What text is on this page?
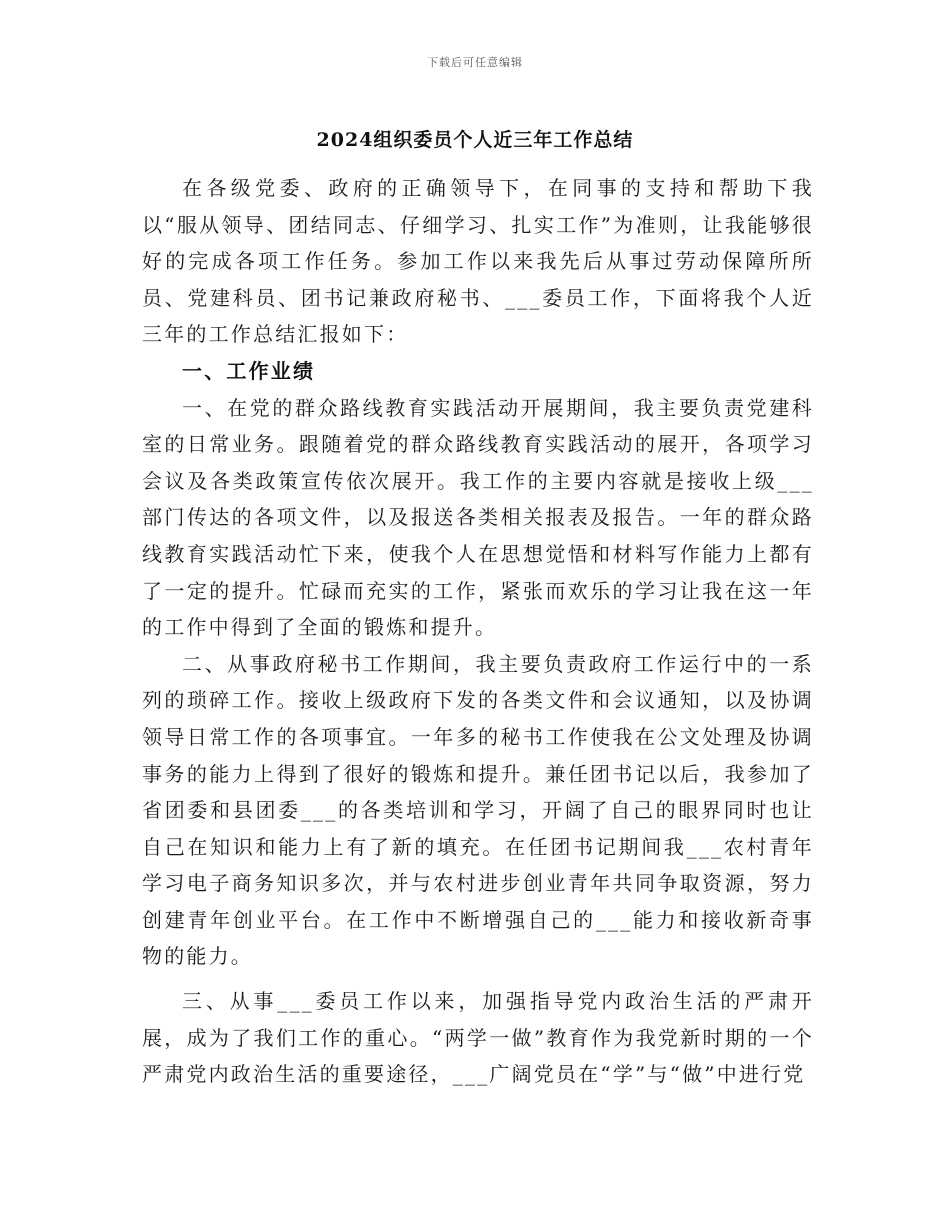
下载后可任意编辑
2024组织委员个人近三年工作总结

在各级党委、政府的正确领导下，在同事的支持和帮助下我以“服从领导、团结同志、仔细学习、扎实工作”为准则，让我能够很好的完成各项工作任务。参加工作以来我先后从事过劳动保障所所员、党建科员、团书记兼政府秘书、___委员工作，下面将我个人近三年的工作总结汇报如下：

一、工作业绩

一、在党的群众路线教育实践活动开展期间，我主要负责党建科室的日常业务。跟随着党的群众路线教育实践活动的展开，各项学习会议及各类政策宣传依次展开。我工作的主要内容就是接收上级___部门传达的各项文件，以及报送各类相关报表及报告。一年的群众路线教育实践活动忙下来，使我个人在思想觉悟和材料写作能力上都有了一定的提升。忙碌而充实的工作，紧张而欢乐的学习让我在这一年的工作中得到了全面的锻炼和提升。

二、从事政府秘书工作期间，我主要负责政府工作运行中的一系列的琐碎工作。接收上级政府下发的各类文件和会议通知，以及协调领导日常工作的各项事宜。一年多的秘书工作使我在公文处理及协调事务的能力上得到了很好的锻炼和提升。兼任团书记以后，我参加了省团委和县团委___的各类培训和学习，开阔了自己的眼界同时也让自己在知识和能力上有了新的填充。在任团书记期间我___农村青年学习电子商务知识多次，并与农村进步创业青年共同争取资源，努力创建青年创业平台。在工作中不断增强自己的___能力和接收新奇事物的能力。

三、从事___委员工作以来，加强指导党内政治生活的严肃开展，成为了我们工作的重心。“两学一做”教育作为我党新时期的一个严肃党内政治生活的重要途径，___广阔党员在“学”与“做”中进行党
